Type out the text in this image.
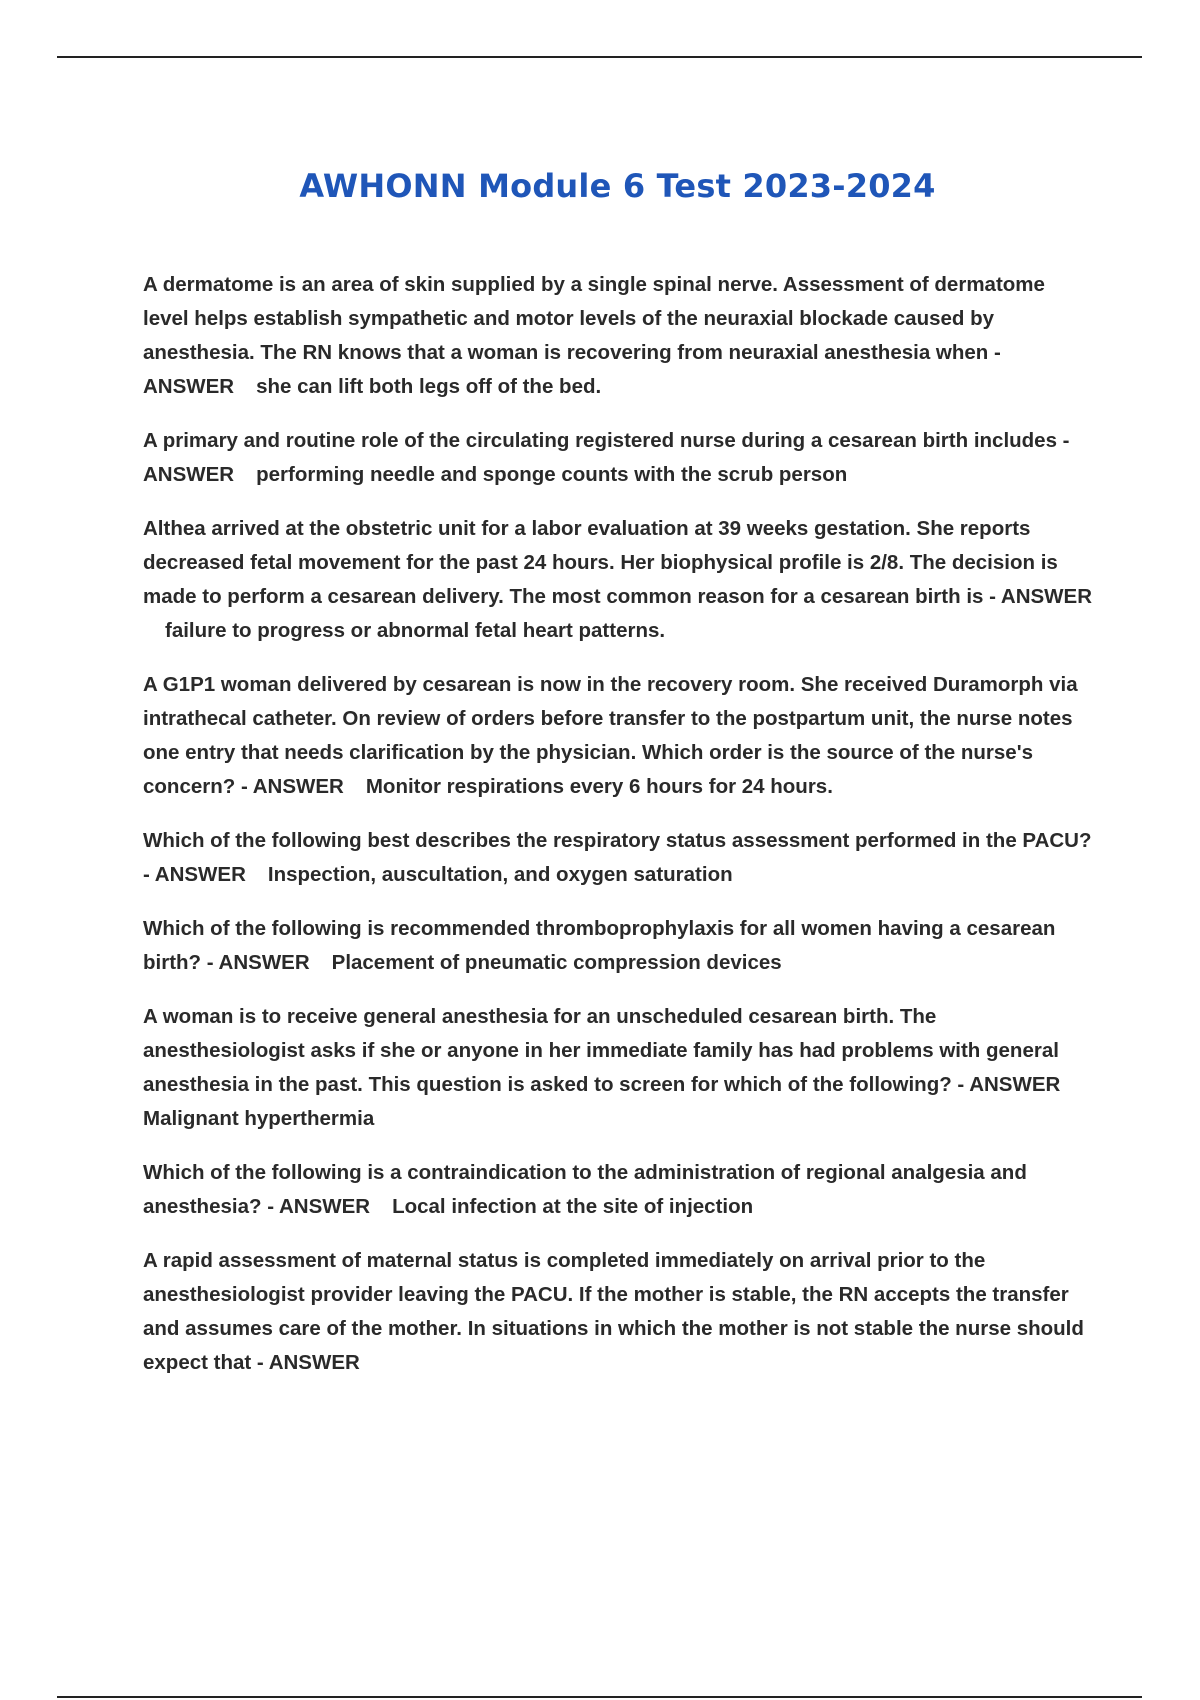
AWHONN Module 6 Test 2023-2024

A dermatome is an area of skin supplied by a single spinal nerve. Assessment of dermatome level helps establish sympathetic and motor levels of the neuraxial blockade caused by anesthesia. The RN knows that a woman is recovering from neuraxial anesthesia when - ANSWER she can lift both legs off of the bed.

A primary and routine role of the circulating registered nurse during a cesarean birth includes - ANSWER performing needle and sponge counts with the scrub person

Althea arrived at the obstetric unit for a labor evaluation at 39 weeks gestation. She reports decreased fetal movement for the past 24 hours. Her biophysical profile is 2/8. The decision is made to perform a cesarean delivery. The most common reason for a cesarean birth is - ANSWERfailure to progress or abnormal fetal heart patterns.

A G1P1 woman delivered by cesarean is now in the recovery room. She received Duramorph via intrathecal catheter. On review of orders before transfer to the postpartum unit, the nurse notes one entry that needs clarification by the physician. Which order is the source of the nurse's concern? - ANSWER Monitor respirations every 6 hours for 24 hours.

Which of the following best describes the respiratory status assessment performed in the PACU? - ANSWER Inspection, auscultation, and oxygen saturation

Which of the following is recommended thromboprophylaxis for all women having a cesarean birth? - ANSWER Placement of pneumatic compression devices

A woman is to receive general anesthesia for an unscheduled cesarean birth. The anesthesiologist asks if she or anyone in her immediate family has had problems with general anesthesia in the past. This question is asked to screen for which of the following? - ANSWERMalignant hyperthermia

Which of the following is a contraindication to the administration of regional analgesia and anesthesia? - ANSWER Local infection at the site of injection

A rapid assessment of maternal status is completed immediately on arrival prior to the anesthesiologist provider leaving the PACU. If the mother is stable, the RN accepts the transfer and assumes care of the mother. In situations in which the mother is not stable the nurse should expect that - ANSWER
